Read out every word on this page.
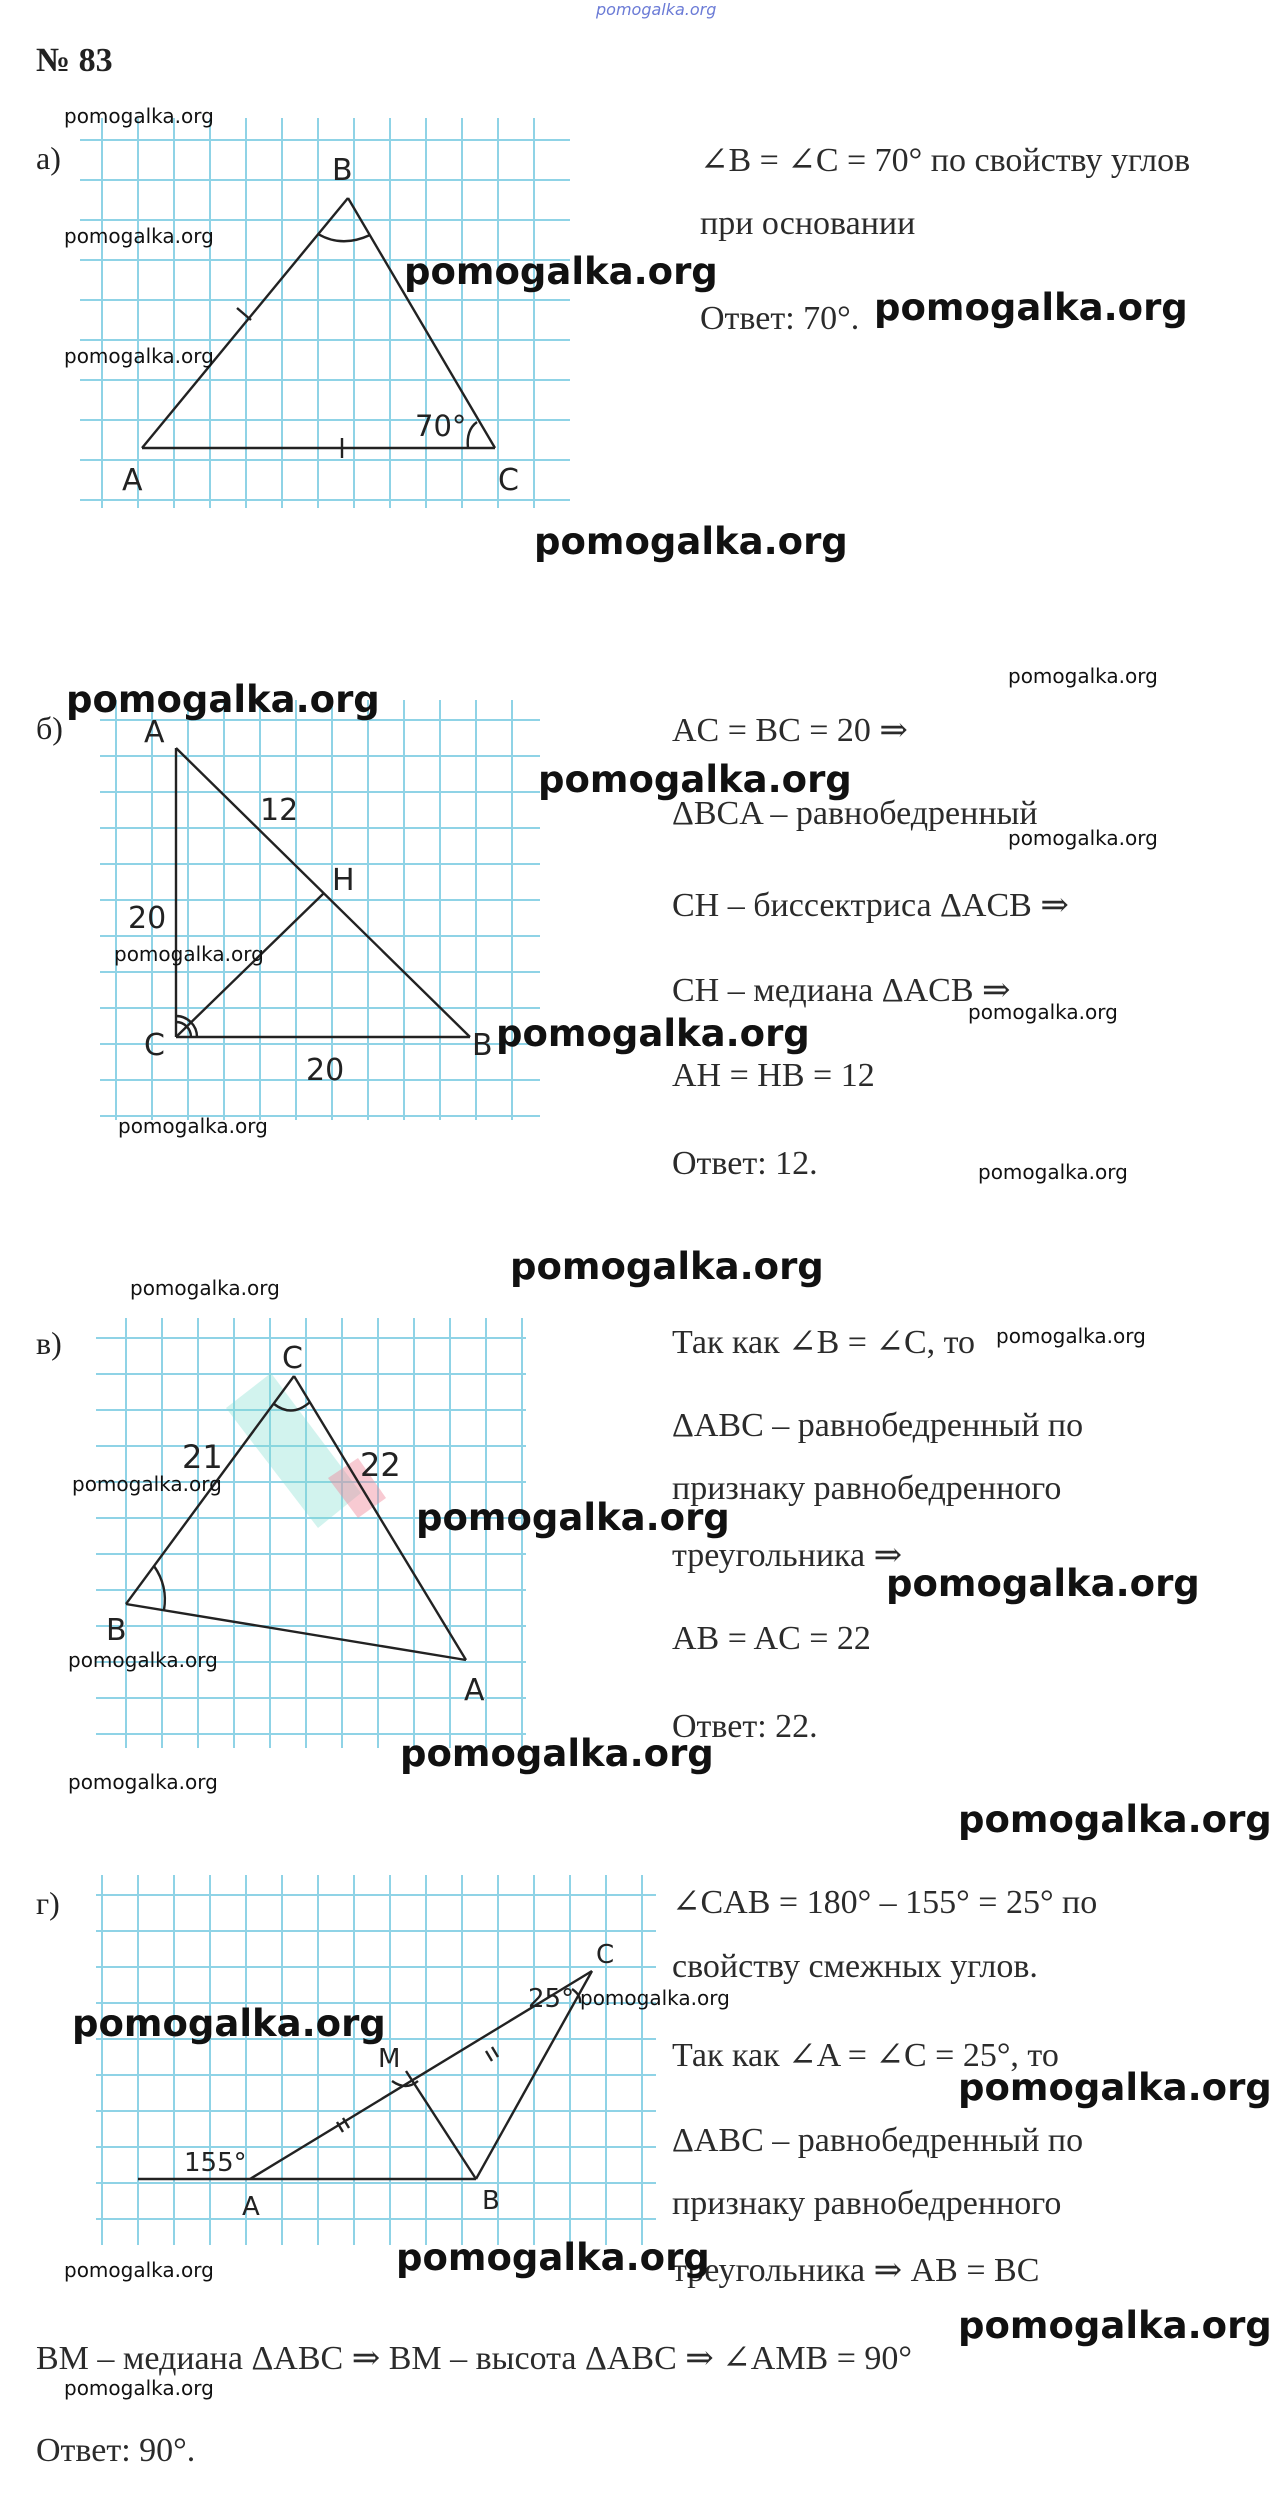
pomogalka.org
№ 83
а)	B
A	C
70°
∠B = ∠C = 70° по свойству углов
при основании
Ответ: 70°.
б)	A
H
C	B
12
20
20
AC = BC = 20 ⇒
ΔBCA – равнобедренный
CH – биссектриса ΔACB ⇒
CH – медиана ΔACB ⇒
AH = HB = 12
Ответ: 12.
в)	C
B
A
21	22
Так как ∠B = ∠C, то
ΔABC – равнобедренный по
признаку равнобедренного
треугольника ⇒
AB = AC = 22
Ответ: 22.
г)
C
M
A	B
25°
155°
∠CAB = 180° – 155° = 25° по
свойству смежных углов.
Так как ∠A = ∠C = 25°, то
ΔABC – равнобедренный по
признаку равнобедренного
треугольника ⇒ AB = BC
BM – медиана ΔABC ⇒ BM – высота ΔABC ⇒ ∠AMB = 90°
Ответ: 90°.
pomogalka.org
pomogalka.org
pomogalka.org
pomogalka.org
pomogalka.org
pomogalka.org
pomogalka.org
pomogalka.org
pomogalka.org
pomogalka.org
pomogalka.org
pomogalka.org
pomogalka.org
pomogalka.org
pomogalka.org
pomogalka.org
pomogalka.org
pomogalka.org
pomogalka.org
pomogalka.org
pomogalka.org
pomogalka.org
pomogalka.org
pomogalka.org
pomogalka.org
pomogalka.org
pomogalka.org
pomogalka.org
pomogalka.org
pomogalka.org
pomogalka.org
pomogalka.org
